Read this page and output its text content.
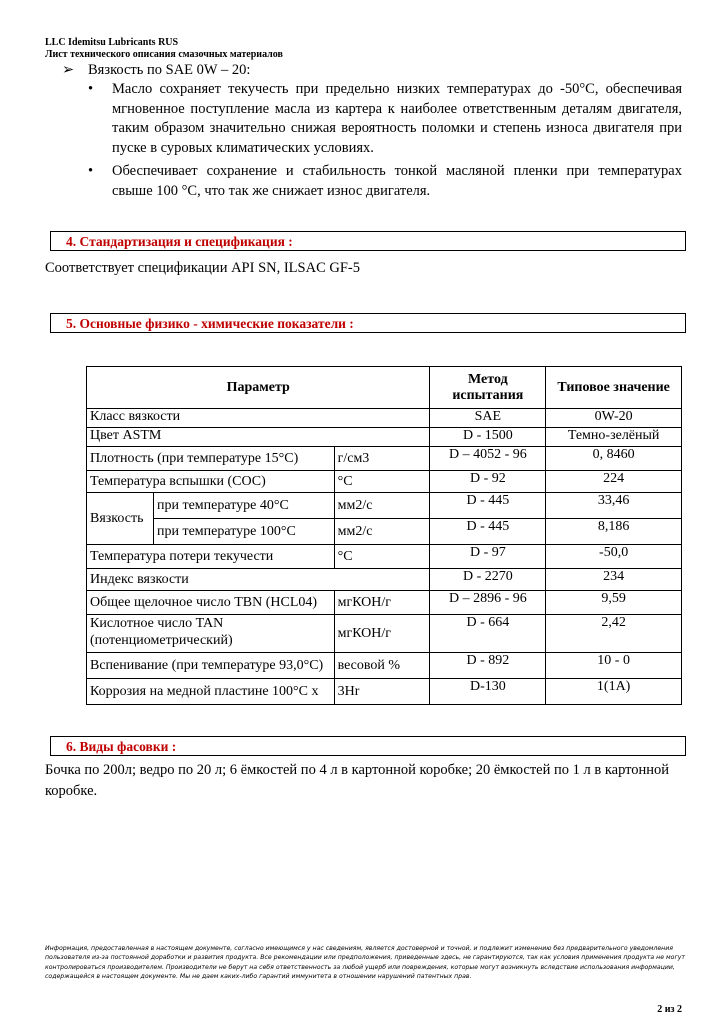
LLC Idemitsu Lubricants RUS
Лист технического описания смазочных материалов
➢ Вязкость по SAE 0W – 20:
•	Масло сохраняет текучесть при предельно низких температурах до -50°С, обеспечивая мгновенное поступление масла из картера к наиболее ответственным деталям двигателя, таким образом значительно снижая вероятность поломки и степень износа двигателя при пуске в суровых климатических условиях.
•	Обеспечивает сохранение и стабильность тонкой масляной пленки при температурах свыше 100 °С, что так же снижает износ двигателя.
4. Стандартизация и спецификация :
Соответствует спецификации API SN, ILSAC GF-5
5. Основные физико - химические показатели :
Параметр			Метод испытания	Типовое значение
Класс вязкости			SAE	0W-20
Цвет ASTM			D - 1500	Темно-зелёный
Плотность (при температуре 15°С)		г/см3	D – 4052 - 96	0, 8460
Температура вспышки (СОС)		°С	D - 92	224
Вязкость	при температуре 40°С	мм2/с	D - 445	33,46
	при температуре 100°С	мм2/с	D - 445	8,186
Температура потери текучести		°С	D - 97	-50,0
Индекс вязкости			D - 2270	234
Общее щелочное число TBN (HCL04)		мгКОН/г	D – 2896 - 96	9,59
Кислотное число TAN (потенциометрический)		мгКОН/г	D - 664	2,42
Вспенивание (при температуре 93,0°С)		весовой %	D - 892	10 - 0
Коррозия на медной пластине 100°С х		3Hr	D-130	1(1А)
6. Виды фасовки :
Бочка по 200л; ведро по 20 л; 6 ёмкостей по 4 л в картонной коробке; 20 ёмкостей по 1 л в картонной коробке.
Информация, предоставленная в настоящем документе, согласно имеющимся у нас сведениям, является достоверной и точной, и подлежит изменению без предварительного уведомления пользователя из-за постоянной доработки и развития продукта. Все рекомендации или предположения, приведенные здесь, не гарантируются, так как условия применения продукта не могут контролироваться производителем. Производители не берут на себя ответственность за любой ущерб или повреждения, которые могут возникнуть вследствие использования информации, содержащейся в настоящем документе. Мы не даем каких-либо гарантий иммунитета в отношении нарушений патентных прав.
2 из 2
